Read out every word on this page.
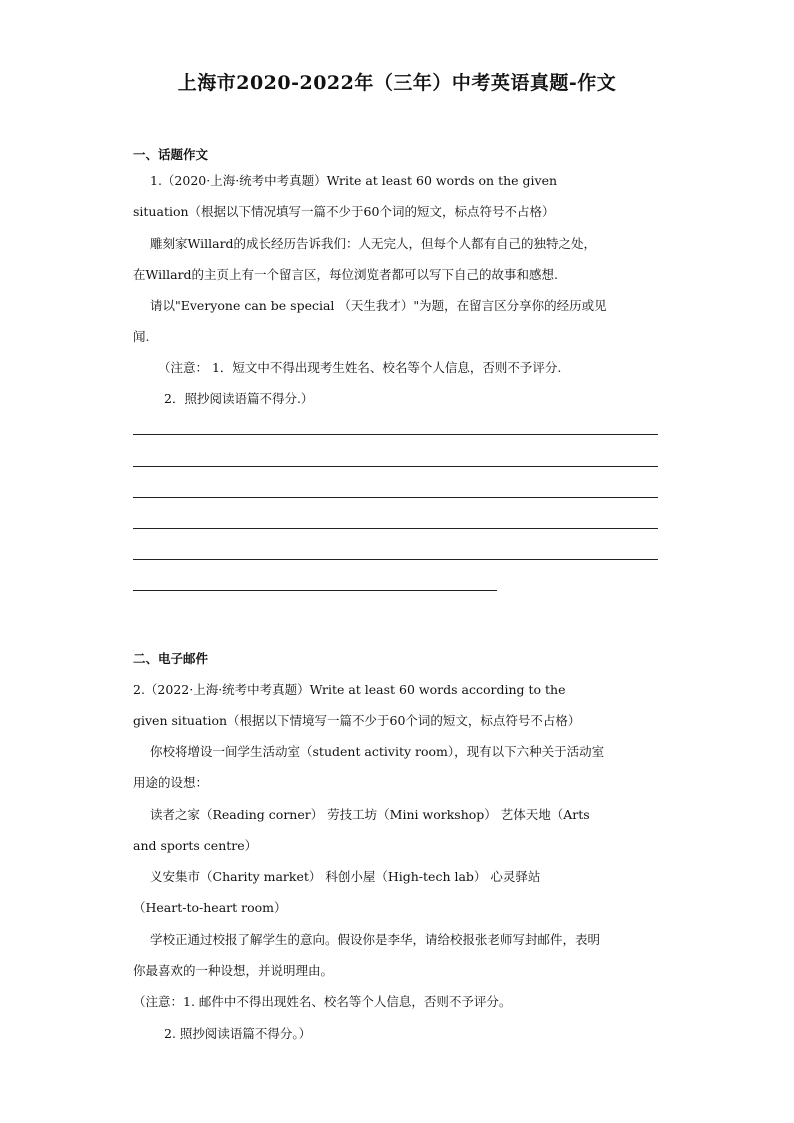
上海市2020-2022年（三年）中考英语真题-作文
一、话题作文
1.（2020·上海·统考中考真题）Write at least 60 words on the given
situation（根据以下情况填写一篇不少于60个词的短文，标点符号不占格）
雕刻家Willard的成长经历告诉我们：人无完人，但每个人都有自己的独特之处，
在Willard的主页上有一个留言区，每位浏览者都可以写下自己的故事和感想.
请以"Everyone can be special （天生我才）"为题，在留言区分享你的经历或见
闻.
（注意： 1．短文中不得出现考生姓名、校名等个人信息，否则不予评分.
2．照抄阅读语篇不得分.）
二、电子邮件
2.（2022·上海·统考中考真题）Write at least 60 words according to the
given situation（根据以下情境写一篇不少于60个词的短文，标点符号不占格）
你校将增设一间学生活动室（student activity room），现有以下六种关于活动室
用途的设想：
读者之家（Reading corner） 劳技工坊（Mini workshop） 艺体天地（Arts
and sports centre）
义安集市（Charity market） 科创小屋（High-tech lab） 心灵驿站
（Heart-to-heart room）
学校正通过校报了解学生的意向。假设你是李华，请给校报张老师写封邮件，表明
你最喜欢的一种设想，并说明理由。
（注意：1. 邮件中不得出现姓名、校名等个人信息，否则不予评分。
2. 照抄阅读语篇不得分。）
